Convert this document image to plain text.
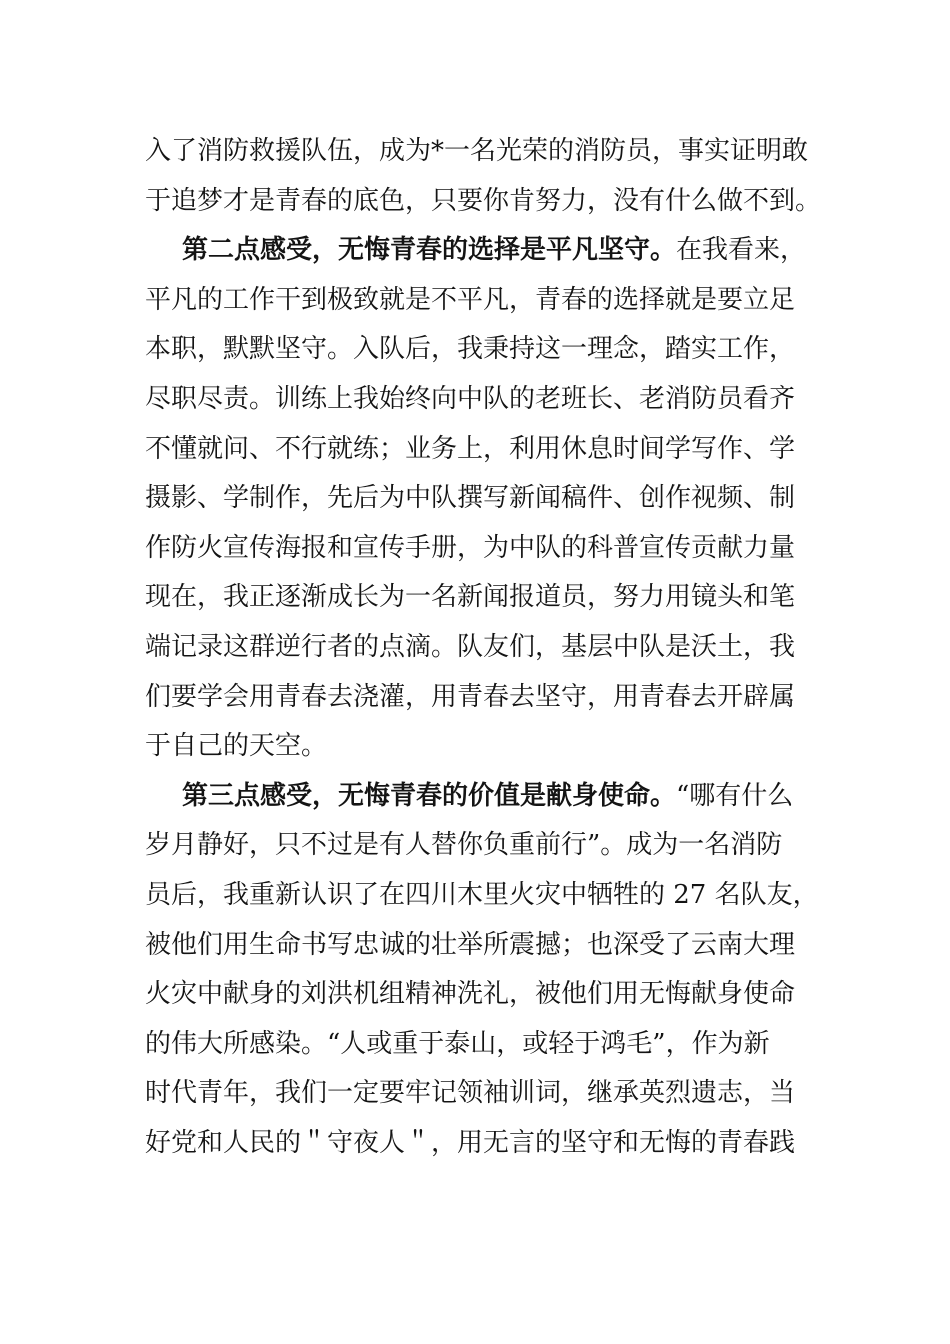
入了消防救援队伍，成为*一名光荣的消防员，事实证明敢
于追梦才是青春的底色，只要你肯努力，没有什么做不到。
第二点感受，无悔青春的选择是平凡坚守。在我看来，
平凡的工作干到极致就是不平凡，青春的选择就是要立足
本职，默默坚守。入队后，我秉持这一理念，踏实工作，
尽职尽责。训练上我始终向中队的老班长、老消防员看齐
不懂就问、不行就练；业务上，利用休息时间学写作、学
摄影、学制作，先后为中队撰写新闻稿件、创作视频、制
作防火宣传海报和宣传手册，为中队的科普宣传贡献力量
现在，我正逐渐成长为一名新闻报道员，努力用镜头和笔
端记录这群逆行者的点滴。队友们，基层中队是沃土，我
们要学会用青春去浇灌，用青春去坚守，用青春去开辟属
于自己的天空。
第三点感受，无悔青春的价值是献身使命。“哪有什么
岁月静好，只不过是有人替你负重前行”。成为一名消防
员后，我重新认识了在四川木里火灾中牺牲的 27 名队友，
被他们用生命书写忠诚的壮举所震撼；也深受了云南大理
火灾中献身的刘洪机组精神洗礼，被他们用无悔献身使命
的伟大所感染。“人或重于泰山，或轻于鸿毛”，作为新
时代青年，我们一定要牢记领袖训词，继承英烈遗志，当
好党和人民的＂守夜人＂，用无言的坚守和无悔的青春践
